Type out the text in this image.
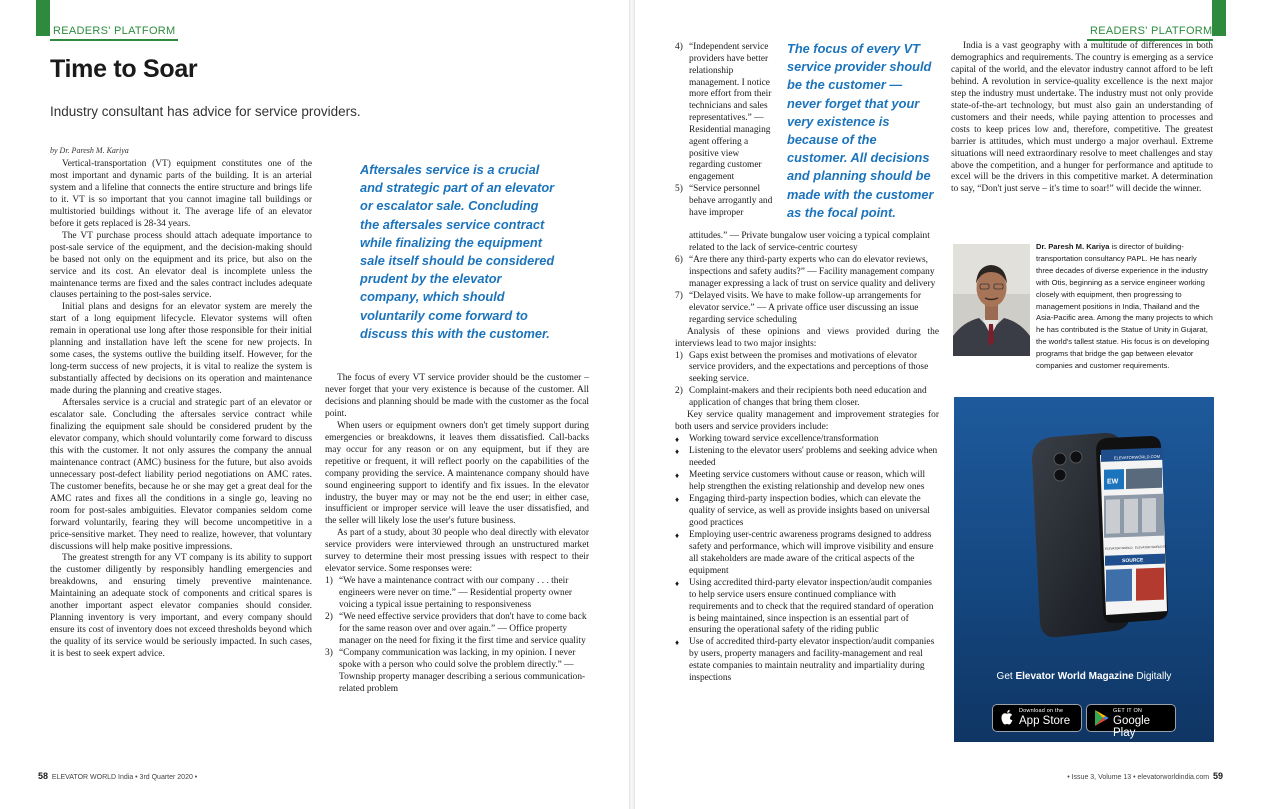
READERS' PLATFORM	READERS' PLATFORM
Time to Soar
Industry consultant has advice for service providers.
by Dr. Paresh M. Kariya

Vertical-transportation (VT) equipment constitutes one of the most important and dynamic parts of the building. It is an arterial system and a lifeline that connects the entire structure and brings life to it. VT is so important that you cannot imagine tall buildings or multistoried buildings without it. The average life of an elevator before it gets replaced is 28-34 years.

The VT purchase process should attach adequate importance to post-sale service of the equipment, and the decision-making should be based not only on the equipment and its price, but also on the service and its cost. An elevator deal is incomplete unless the maintenance terms are fixed and the sales contract includes adequate clauses pertaining to the post-sales service.

Initial plans and designs for an elevator system are merely the start of a long equipment lifecycle. Elevator systems will often remain in operational use long after those responsible for their initial planning and installation have left the scene for new projects. In some cases, the systems outlive the building itself. However, for the long-term success of new projects, it is vital to realize the system is substantially affected by decisions on its operation and maintenance made during the planning and creative stages.

Aftersales service is a crucial and strategic part of an elevator or escalator sale. Concluding the aftersales service contract while finalizing the equipment sale should be considered prudent by the elevator company, which should voluntarily come forward to discuss this with the customer. It not only assures the company the annual maintenance contract (AMC) business for the future, but also avoids unnecessary post-defect liability period negotiations on AMC rates. The customer benefits, because he or she may get a great deal for the AMC rates and fixes all the conditions in a single go, leaving no room for post-sales ambiguities. Elevator companies seldom come forward voluntarily, fearing they will become uncompetitive in a price-sensitive market. They need to realize, however, that voluntary discussions will help make positive impressions.

The greatest strength for any VT company is its ability to support the customer diligently by responsibly handling emergencies and breakdowns, and ensuring timely preventive maintenance. Maintaining an adequate stock of components and critical spares is another important aspect elevator companies should consider. Planning inventory is very important, and every company should ensure its cost of inventory does not exceed thresholds beyond which the quality of its service would be seriously impacted. In such cases, it is best to seek expert advice.

Aftersales service is a crucial and strategic part of an elevator or escalator sale. Concluding the aftersales service contract while finalizing the equipment sale itself should be considered prudent by the elevator company, which should voluntarily come forward to discuss this with the customer.

The focus of every VT service provider should be the customer – never forget that your very existence is because of the customer. All decisions and planning should be made with the customer as the focal point.

When users or equipment owners don't get timely support during emergencies or breakdowns, it leaves them dissatisfied. Call-backs may occur for any reason or on any equipment, but if they are repetitive or frequent, it will reflect poorly on the capabilities of the company providing the service. A maintenance company should have sound engineering support to identify and fix issues. In the elevator industry, the buyer may or may not be the end user; in either case, insufficient or improper service will leave the user dissatisfied, and the seller will likely lose the user's future business.

As part of a study, about 30 people who deal directly with elevator service providers were interviewed through an unstructured market survey to determine their most pressing issues with respect to their elevator service. Some responses were:

1) “We have a maintenance contract with our company . . . their engineers were never on time.” — Residential property owner voicing a typical issue pertaining to responsiveness
2) “We need effective service providers that don't have to come back for the same reason over and over again.” — Office property manager on the need for fixing it the first time and service quality
3) “Company communication was lacking, in my opinion. I never spoke with a person who could solve the problem directly.” — Township property manager describing a serious communication-related problem
4) “Independent service providers have better relationship management. I notice more effort from their technicians and sales representatives.” — Residential managing agent offering a positive view regarding customer engagement
5) “Service personnel behave arrogantly and have improper
The focus of every VT service provider should be the customer — never forget that your very existence is because of the customer. All decisions and planning should be made with the customer as the focal point.

attitudes.” — Private bungalow user voicing a typical complaint related to the lack of service-centric courtesy

6) “Are there any third-party experts who can do elevator reviews, inspections and safety audits?” — Facility management company manager expressing a lack of trust on service quality and delivery
7) “Delayed visits. We have to make follow-up arrangements for elevator service.” — A private office user discussing an issue regarding service scheduling

Analysis of these opinions and views provided during the interviews lead to two major insights:

1) Gaps exist between the promises and motivations of elevator service providers, and the expectations and perceptions of those seeking service.
2) Complaint-makers and their recipients both need education and application of changes that bring them closer.

Key service quality management and improvement strategies for both users and service providers include:

♦ Working toward service excellence/transformation
♦ Listening to the elevator users' problems and seeking advice when needed
♦ Meeting service customers without cause or reason, which will help strengthen the existing relationship and develop new ones
♦ Engaging third-party inspection bodies, which can elevate the quality of service, as well as provide insights based on universal good practices
♦ Employing user-centric awareness programs designed to address safety and performance, which will improve visibility and ensure all stakeholders are made aware of the critical aspects of the equipment
♦ Using accredited third-party elevator inspection/audit companies to help service users ensure continued compliance with requirements and to check that the required standard of operation is being maintained, since inspection is an essential part of ensuring the operational safety of the riding public
♦ Use of accredited third-party elevator inspection/audit companies by users, property managers and facility-management and real estate companies to maintain neutrality and impartiality during inspections

India is a vast geography with a multitude of differences in both demographics and requirements. The country is emerging as a service capital of the world, and the elevator industry cannot afford to be left behind. A revolution in service-quality excellence is the next major step the industry must undertake. The industry must not only provide state-of-the-art technology, but must also gain an understanding of customers and their needs, while paying attention to processes and costs to keep prices low and, therefore, competitive. The greatest barrier is attitudes, which must undergo a major overhaul. Extreme situations will need extraordinary resolve to meet challenges and stay above the competition, and a hunger for performance and aptitude to excel will be the drivers in this competitive market. A determination to say, “Don't just serve – it's time to soar!” will decide the winner.

Dr. Paresh M. Kariya is director of building-transportation consultancy PAPL. He has nearly three decades of diverse experience in the industry with Otis, beginning as a service engineer working closely with equipment, then progressing to management positions in India, Thailand and the Asia-Pacific area. Among the many projects to which he has contributed is the Statue of Unity in Gujarat, the world's tallest statue. His focus is on developing programs that bridge the gap between elevator companies and customer requirements.
ELEVATORWORLD.COM
EW
ELEVATOR WORLD ELEVATOR WORLD EU
SOURCE
Get Elevator World Magazine Digitally
Download on the
App Store
GET IT ON
Google Play
58 ELEVATOR WORLD India • 3rd Quarter 2020 •	• Issue 3, Volume 13 • elevatorworldindia.com 59
